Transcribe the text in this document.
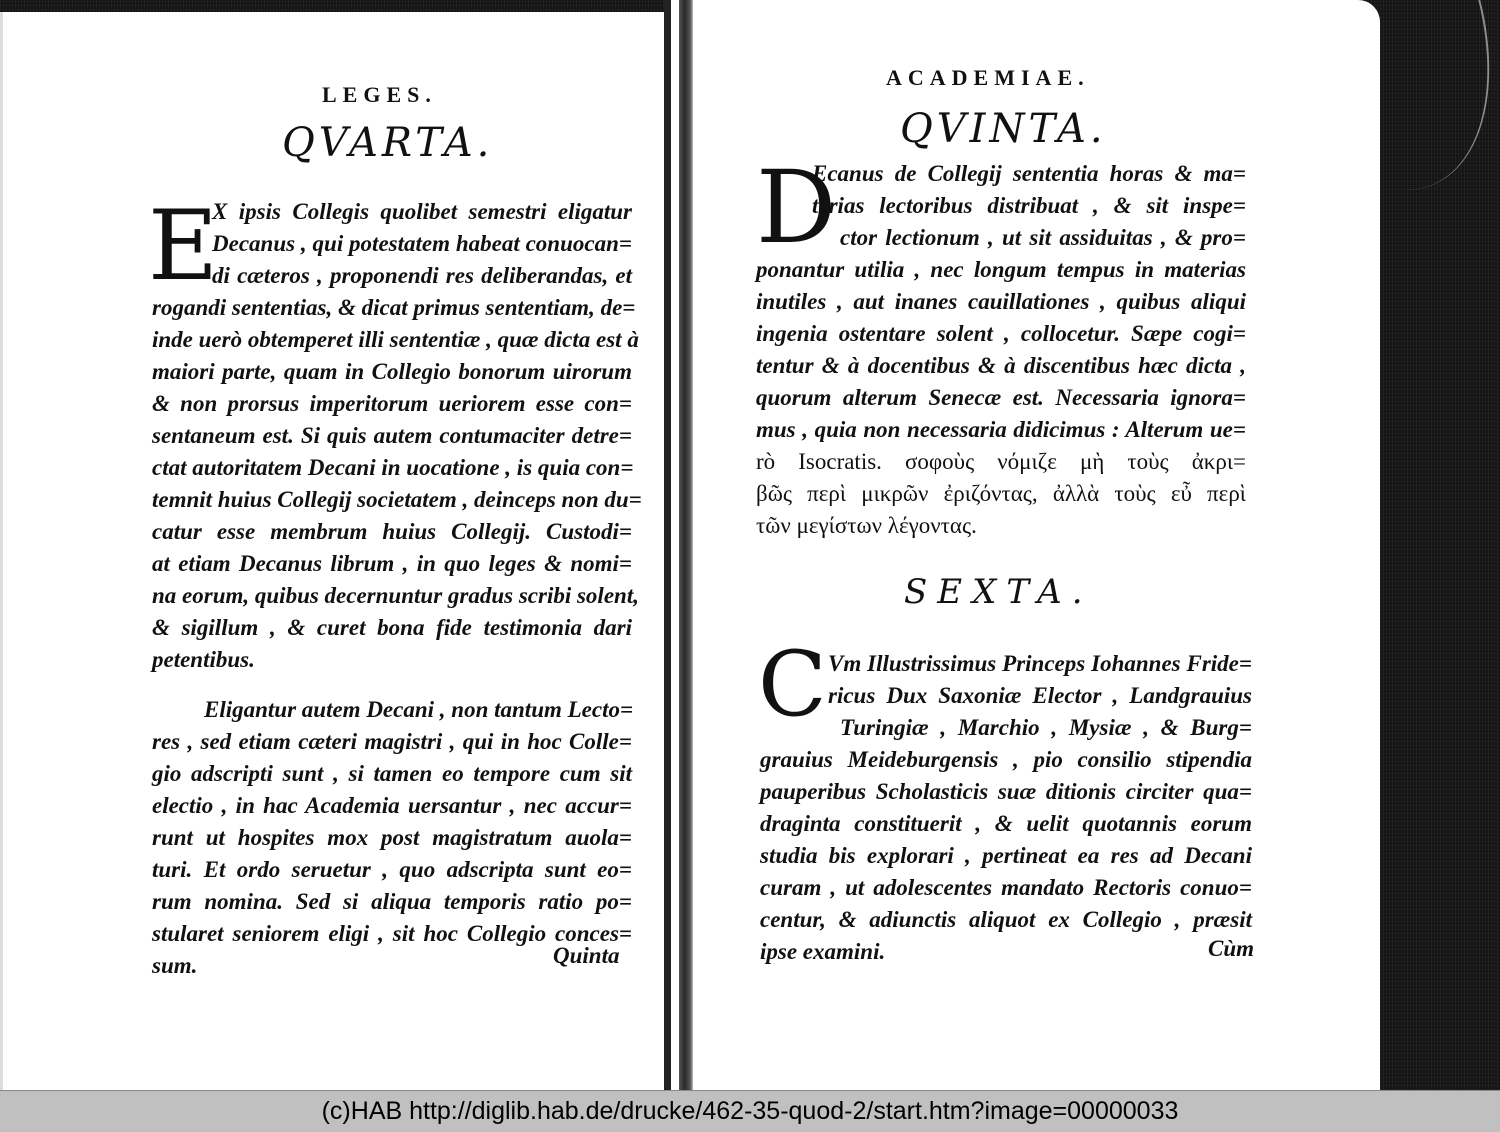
LEGES.
QVARTA.
E
X ipsis Collegis quolibet semestri eligatur
Decanus , qui potestatem habeat conuocan=
di cæteros , proponendi res deliberandas, et
rogandi sententias, & dicat primus sententiam, de=
inde uerò obtemperet illi sententiæ , quæ dicta est à
maiori parte, quam in Collegio bonorum uirorum
& non prorsus imperitorum ueriorem esse con=
sentaneum est. Si quis autem contumaciter detre=
ctat autoritatem Decani in uocatione , is quia con=
temnit huius Collegij societatem , deinceps non du=
catur esse membrum huius Collegij. Custodi=
at etiam Decanus librum , in quo leges & nomi=
na eorum, quibus decernuntur gradus scribi solent,
& sigillum , & curet bona fide testimonia dari
petentibus.
Eligantur autem Decani , non tantum Lecto=
res , sed etiam cæteri magistri , qui in hoc Colle=
gio adscripti sunt , si tamen eo tempore cum sit
electio , in hac Academia uersantur , nec accur=
runt ut hospites mox post magistratum auola=
turi. Et ordo seruetur , quo adscripta sunt eo=
rum nomina. Sed si aliqua temporis ratio po=
stularet seniorem eligi , sit hoc Collegio conces=
sum.	Quinta
ACADEMIAE.
QVINTA.
D
Ecanus de Collegij sententia horas & ma=
terias lectoribus distribuat , & sit inspe=
ctor lectionum , ut sit assiduitas , & pro=
ponantur utilia , nec longum tempus in materias
inutiles , aut inanes cauillationes , quibus aliqui
ingenia ostentare solent , collocetur. Sæpe cogi=
tentur & à docentibus & à discentibus hæc dicta ,
quorum alterum Senecæ est. Necessaria ignora=
mus , quia non necessaria didicimus : Alterum ue=
rò Isocratis. σοφοὺς νόμιζε μὴ τοὺς ἀκρι=
βῶς περὶ μικρῶν ἐριζόντας, ἀλλὰ τοὺς εὖ περὶ
τῶν μεγίστων λέγοντας.
SEXTA.
C Vm Illustrissimus Princeps Iohannes Fride=
ricus Dux Saxoniæ Elector , Landgrauius
Turingiæ , Marchio , Mysiæ , & Burg=
grauius Meideburgensis , pio consilio stipendia
pauperibus Scholasticis suæ ditionis circiter qua=
draginta constituerit , & uelit quotannis eorum
studia bis explorari , pertineat ea res ad Decani
curam , ut adolescentes mandato Rectoris conuo=
centur, & adiunctis aliquot ex Collegio , præsit
ipse examini.	Cùm
(c)HAB http://diglib.hab.de/drucke/462-35-quod-2/start.htm?image=00000033
